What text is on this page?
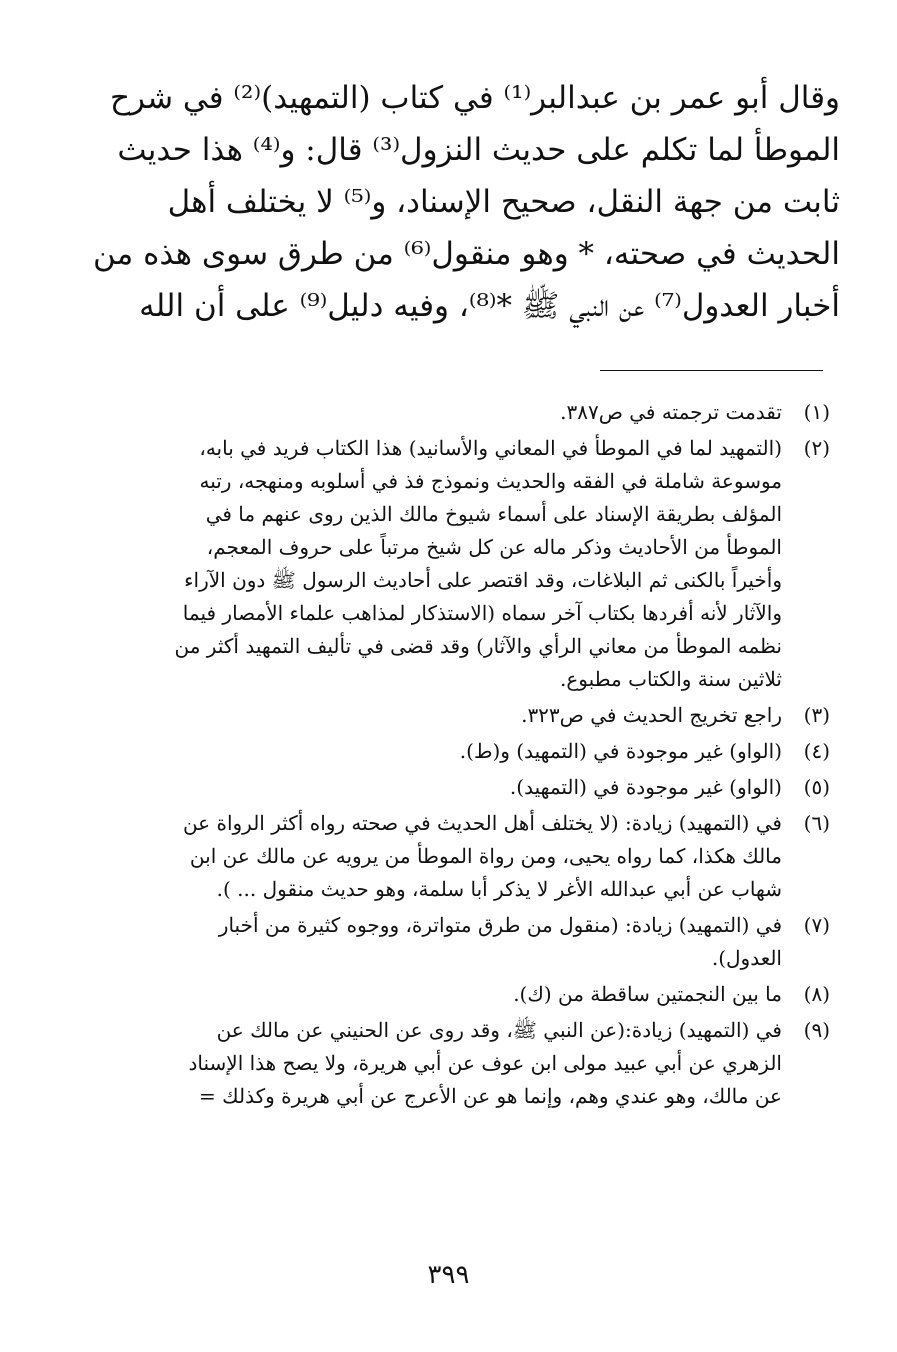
وقال أبو عمر بن عبدالبر⁽¹⁾ في كتاب (التمهيد)⁽²⁾ في شرح
الموطأ لما تكلم على حديث النزول⁽³⁾ قال: و⁽⁴⁾ هذا حديث
ثابت من جهة النقل، صحيح الإسناد، و⁽⁵⁾ لا يختلف أهل
الحديث في صحته، * وهو منقول⁽⁶⁾ من طرق سوى هذه من
أخبار العدول⁽⁷⁾ عن النبي ﷺ *⁽⁸⁾، وفيه دليل⁽⁹⁾ على أن الله
(١)
تقدمت ترجمته في ص٣٨٧.
(٢)
(التمهيد لما في الموطأ في المعاني والأسانيد) هذا الكتاب فريد في بابه،
موسوعة شاملة في الفقه والحديث ونموذج فذ في أسلوبه ومنهجه، رتبه
المؤلف بطريقة الإسناد على أسماء شيوخ مالك الذين روى عنهم ما في
الموطأ من الأحاديث وذكر ماله عن كل شيخ مرتباً على حروف المعجم،
وأخيراً بالكنى ثم البلاغات، وقد اقتصر على أحاديث الرسول ﷺ دون الآراء
والآثار لأنه أفردها بكتاب آخر سماه (الاستذكار لمذاهب علماء الأمصار فيما
نظمه الموطأ من معاني الرأي والآثار) وقد قضى في تأليف التمهيد أكثر من
ثلاثين سنة والكتاب مطبوع.
(٣)
راجع تخريج الحديث في ص٣٢٣.
(٤)
(الواو) غير موجودة في (التمهيد) و(ط).
(٥)
(الواو) غير موجودة في (التمهيد).
(٦)
في (التمهيد) زيادة: (لا يختلف أهل الحديث في صحته رواه أكثر الرواة عن
مالك هكذا، كما رواه يحيى، ومن رواة الموطأ من يرويه عن مالك عن ابن
شهاب عن أبي عبدالله الأغر لا يذكر أبا سلمة، وهو حديث منقول ... ).
(٧)
في (التمهيد) زيادة: (منقول من طرق متواترة، ووجوه كثيرة من أخبار
العدول).
(٨)
ما بين النجمتين ساقطة من (ك).
(٩)
في (التمهيد) زيادة:(عن النبي ﷺ، وقد روى عن الحنيني عن مالك عن
الزهري عن أبي عبيد مولى ابن عوف عن أبي هريرة، ولا يصح هذا الإسناد
عن مالك، وهو عندي وهم، وإنما هو عن الأعرج عن أبي هريرة وكذلك =
٣٩٩
